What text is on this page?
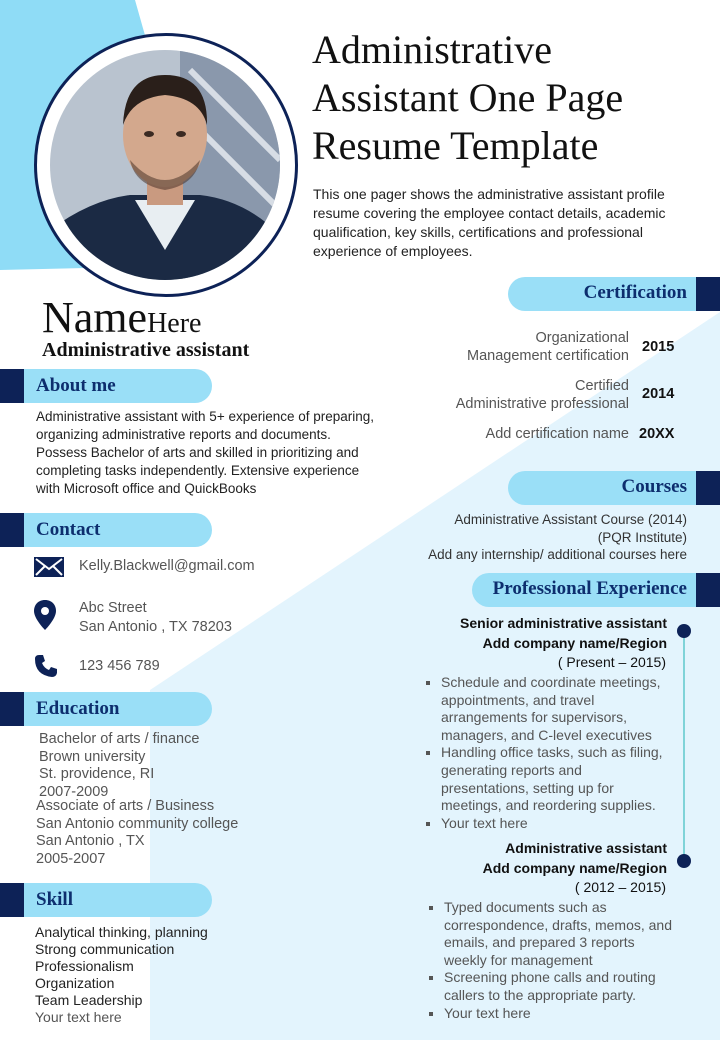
Administrative
Assistant One Page
Resume Template
This one pager shows the administrative assistant profile resume covering the employee contact details, academic qualification, key skills, certifications and professional experience of employees.
NameHere
Administrative assistant
About me
Administrative assistant with 5+ experience of preparing, organizing administrative reports and documents. Possess Bachelor of arts and skilled in prioritizing and completing tasks independently. Extensive experience with Microsoft office and QuickBooks
Contact
Kelly.Blackwell@gmail.com
Abc Street
San Antonio , TX 78203
123 456 789
Education
Bachelor of arts / finance
Brown university
St. providence, RI
2007-2009
Associate of arts / Business
San Antonio community college
San Antonio , TX
2005-2007
Skill
Analytical thinking, planning
Strong communication
Professionalism
Organization
Team Leadership
Your text here
Certification
Organizational
Management certification
2015
Certified
Administrative professional
2014
Add certification name 20XX
Courses
Administrative Assistant Course (2014)
(PQR Institute)
Add any internship/ additional courses here
Professional Experience
Senior administrative assistant
Add company name/Region
( Present – 2015)
▪ Schedule and coordinate meetings, appointments, and travel arrangements for supervisors, managers, and C-level executives
▪ Handling office tasks, such as filing, generating reports and presentations, setting up for meetings, and reordering supplies.
▪ Your text here
Administrative assistant
Add company name/Region
( 2012 – 2015)
▪ Typed documents such as correspondence, drafts, memos, and emails, and prepared 3 reports weekly for management
▪ Screening phone calls and routing callers to the appropriate party.
▪ Your text here
